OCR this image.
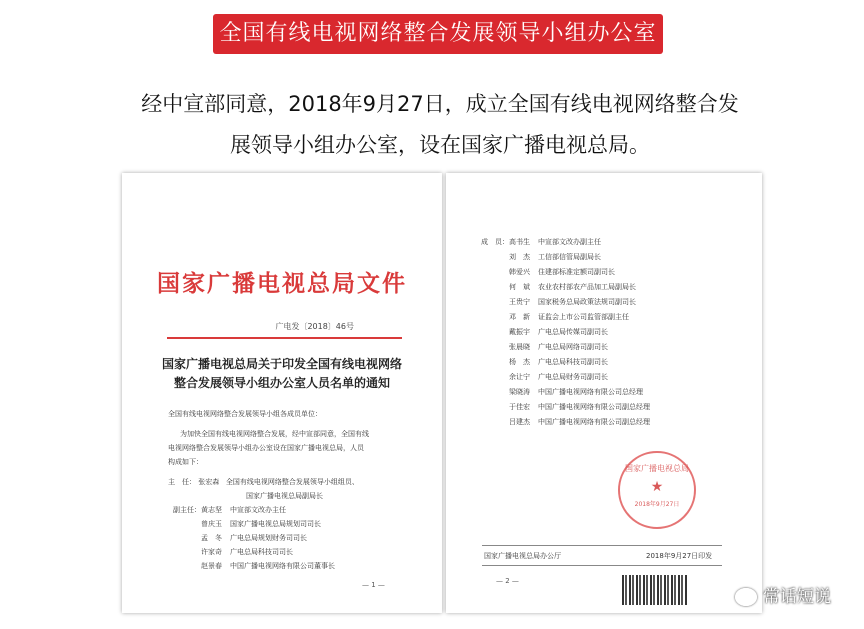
全国有线电视网络整合发展领导小组办公室
经中宣部同意，2018年9月27日，成立全国有线电视网络整合发
展领导小组办公室，设在国家广播电视总局。
国家广播电视总局文件
广电发〔2018〕46号
国家广播电视总局关于印发全国有线电视网络
整合发展领导小组办公室人员名单的通知
全国有线电视网络整合发展领导小组各成员单位：
为加快全国有线电视网络整合发展，经中宣部同意，全国有线
电视网络整合发展领导小组办公室设在国家广播电视总局，人员
构成如下：
主　任： 张宏森 全国有线电视网络整合发展领导小组组员、
国家广播电视总局副局长
副主任：黄志坚 中宣部文改办主任
曾庆玉 国家广播电视总局规划司司长
孟　冬 广电总局规划财务司司长
许家奇 广电总局科技司司长
赵景春 中国广播电视网络有限公司董事长
— 1 —
成　员：高书生 中宣部文改办副主任
刘　杰 工信部信管局副局长
韩爱兴 住建部标准定额司副司长
何　斌 农业农村部农产品加工局副局长
王贵宁 国家税务总局政策法规司副司长
邓　新 证监会上市公司监管部副主任
戴振宇 广电总局传媒司副司长
张晨晓 广电总局网络司副司长
杨　杰 广电总局科技司副司长
余让宁 广电总局财务司副司长
梁晓涛 中国广播电视网络有限公司总经理
于佳宏 中国广播电视网络有限公司副总经理
吕建杰 中国广播电视网络有限公司副总经理
国家广播电视总局
★
2018年9月27日
国家广播电视总局办公厅	2018年9月27日印发
— 2 —
常话短说
